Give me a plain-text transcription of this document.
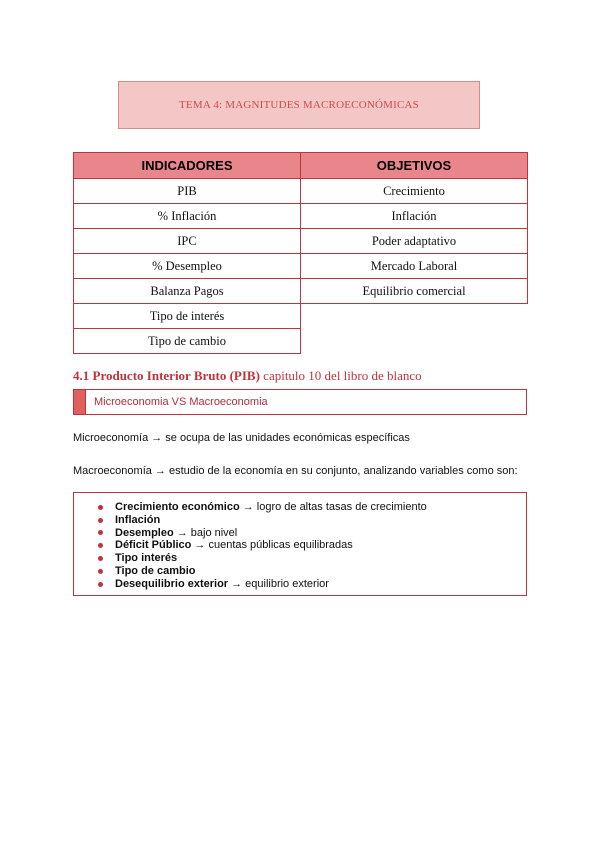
TEMA 4: MAGNITUDES MACROECONÓMICAS
INDICADORES	OBJETIVOS
PIB	Crecimiento
% Inflación	Inflación
IPC	Poder adaptativo
% Desempleo	Mercado Laboral
Balanza Pagos	Equilibrio comercial
Tipo de interés	
Tipo de cambio	
4.1 Producto Interior Bruto (PIB) capitulo 10 del libro de blanco
Microeconomia VS Macroeconomia
Microeconomía → se ocupa de las unidades económicas específicas
Macroeconomía → estudio de la economía en su conjunto, analizando variables como son:
Crecimiento económico → logro de altas tasas de crecimiento
Inflación
Desempleo → bajo nivel
Déficit Público → cuentas públicas equilibradas
Tipo interés
Tipo de cambio
Desequilibrio exterior → equilibrio exterior
